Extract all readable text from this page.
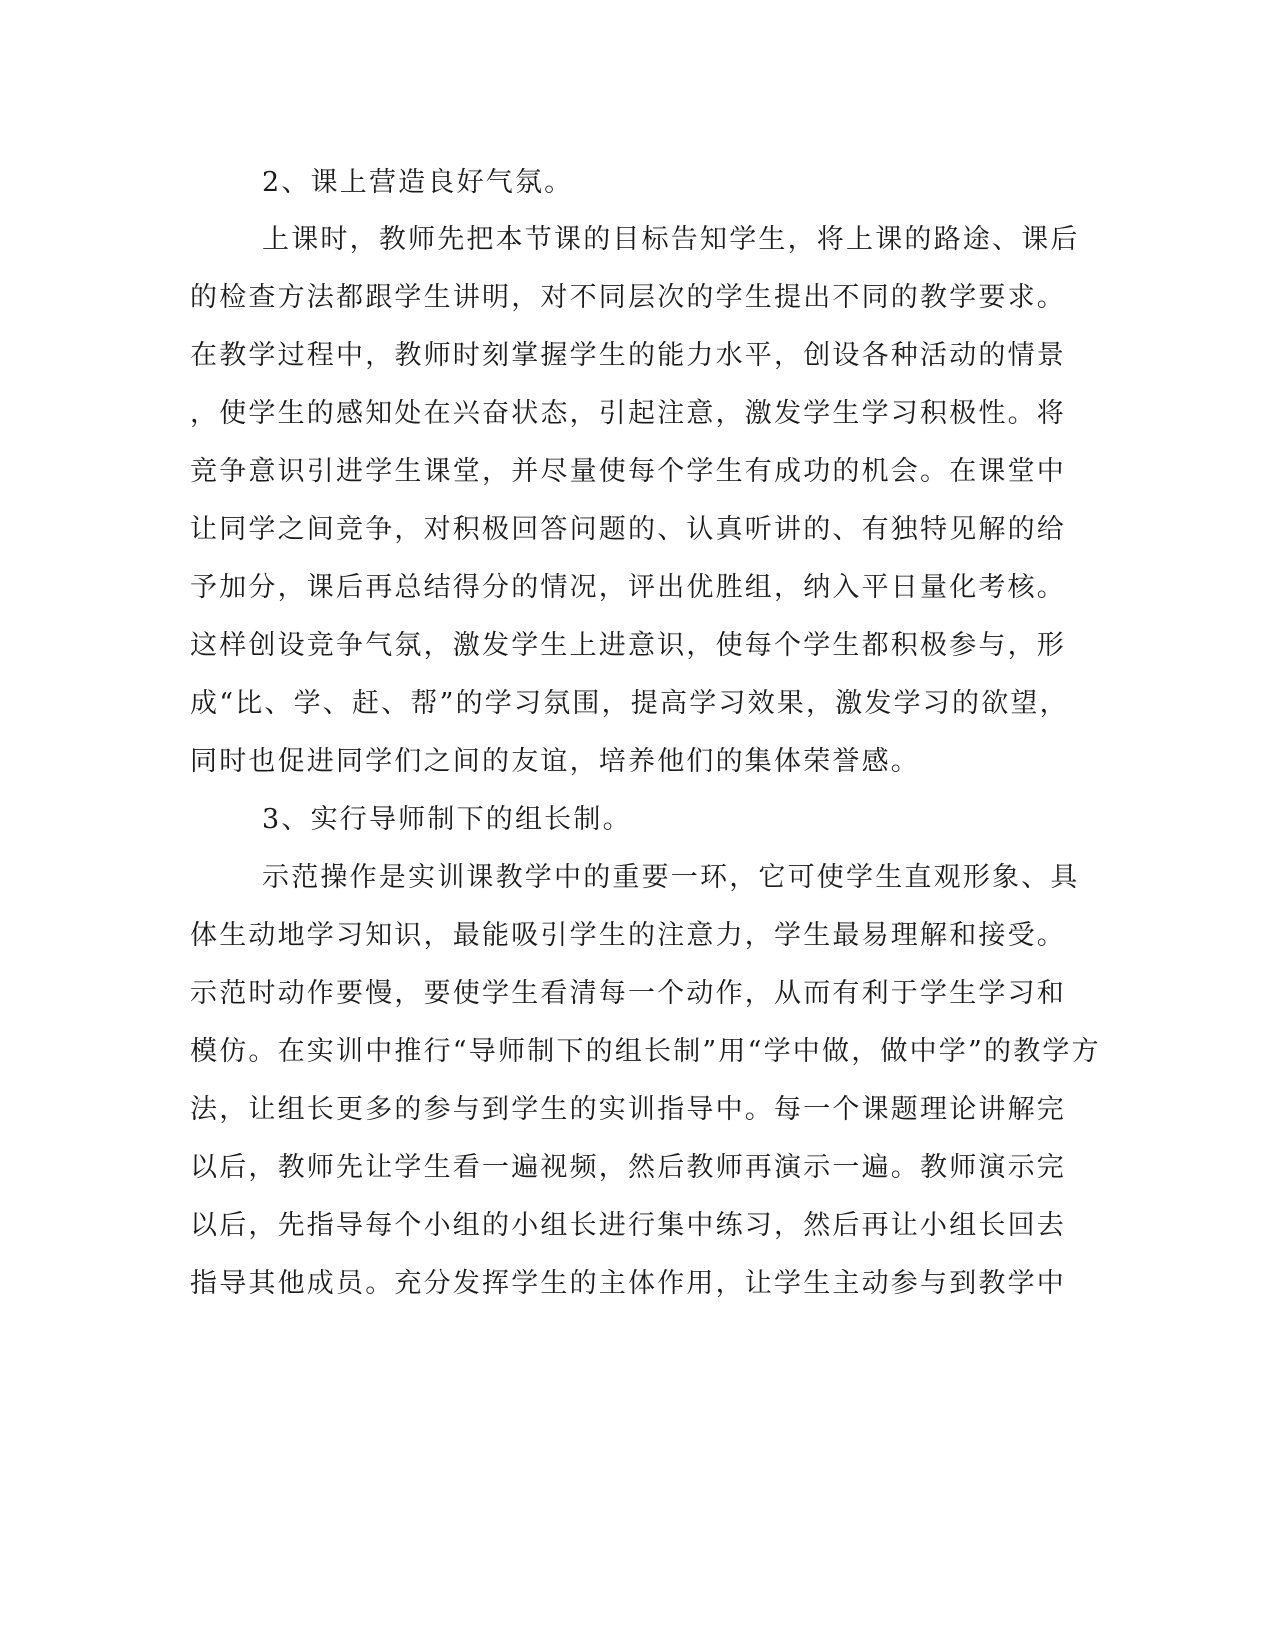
2、课上营造良好气氛。
上课时，教师先把本节课的目标告知学生，将上课的路途、课后
的检查方法都跟学生讲明，对不同层次的学生提出不同的教学要求。
在教学过程中，教师时刻掌握学生的能力水平，创设各种活动的情景
，使学生的感知处在兴奋状态，引起注意，激发学生学习积极性。将
竞争意识引进学生课堂，并尽量使每个学生有成功的机会。在课堂中
让同学之间竞争，对积极回答问题的、认真听讲的、有独特见解的给
予加分，课后再总结得分的情况，评出优胜组，纳入平日量化考核。
这样创设竞争气氛，激发学生上进意识，使每个学生都积极参与，形
成“比、学、赶、帮”的学习氛围，提高学习效果，激发学习的欲望，
同时也促进同学们之间的友谊，培养他们的集体荣誉感。
3、实行导师制下的组长制。
示范操作是实训课教学中的重要一环，它可使学生直观形象、具
体生动地学习知识，最能吸引学生的注意力，学生最易理解和接受。
示范时动作要慢，要使学生看清每一个动作，从而有利于学生学习和
模仿。在实训中推行“导师制下的组长制”用“学中做，做中学”的教学方
法，让组长更多的参与到学生的实训指导中。每一个课题理论讲解完
以后，教师先让学生看一遍视频，然后教师再演示一遍。教师演示完
以后，先指导每个小组的小组长进行集中练习，然后再让小组长回去
指导其他成员。充分发挥学生的主体作用，让学生主动参与到教学中
